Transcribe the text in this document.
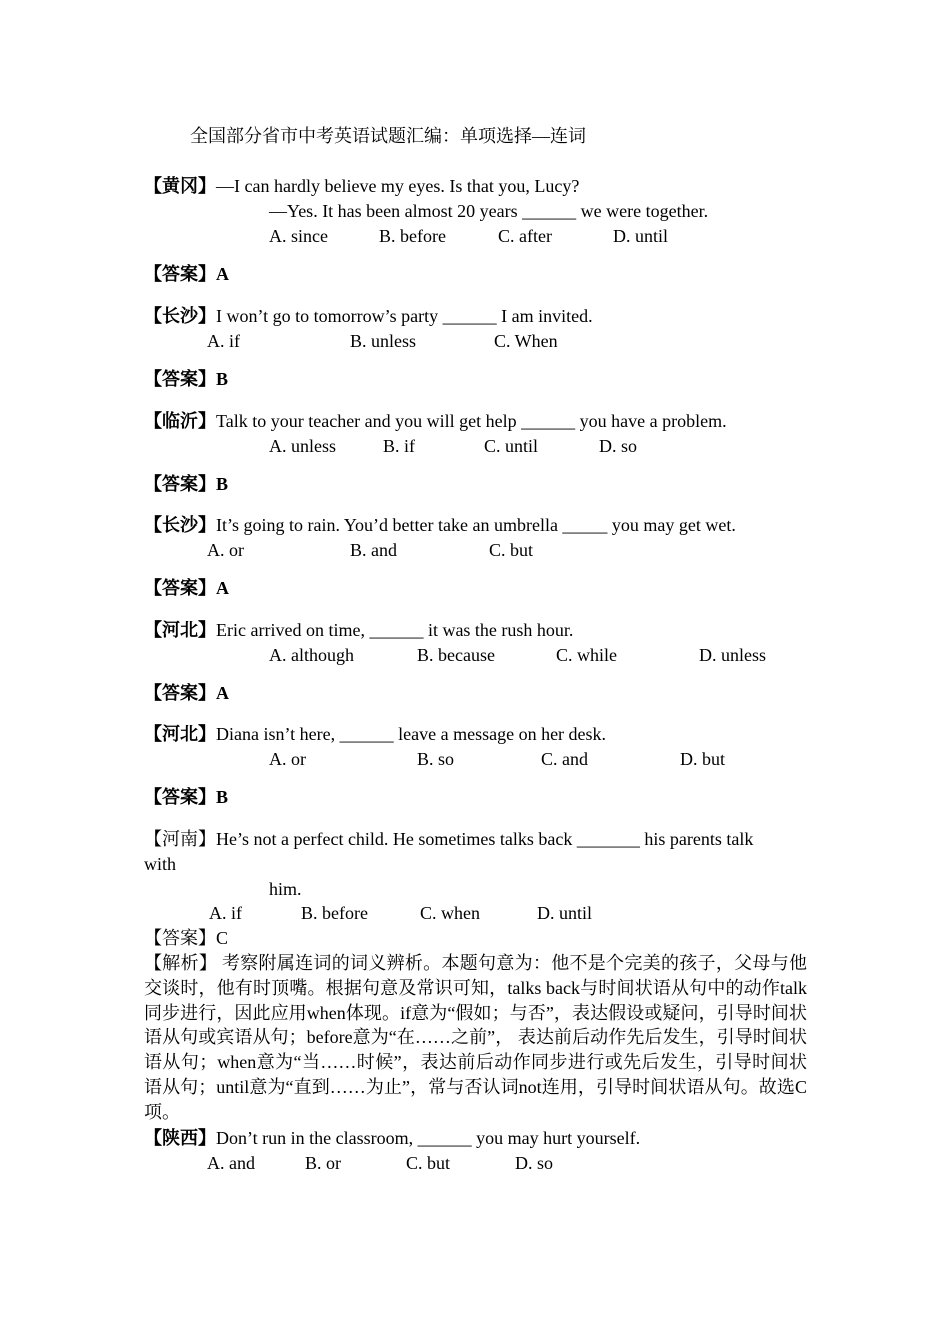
全国部分省市中考英语试题汇编：单项选择—连词
【黄冈】—I can hardly believe my eyes. Is that you, Lucy?
—Yes. It has been almost 20 years ______ we were together.
A. since	B. before	C. after	D. until
【答案】A
【长沙】I won’t go to tomorrow’s party ______ I am invited.
A. if	B. unless	C. When
【答案】B
【临沂】Talk to your teacher and you will get help ______ you have a problem.
A. unless	B. if	C. until	D. so
【答案】B
【长沙】It’s going to rain. You’d better take an umbrella _____ you may get wet.
A. or	B. and	C. but
【答案】A
【河北】Eric arrived on time, ______ it was the rush hour.
A. although	B. because	C. while	D. unless
【答案】A
【河北】Diana isn’t here, ______ leave a message on her desk.
A. or	B. so	C. and	D. but
【答案】B
【河南】He’s not a perfect child. He sometimes talks back _______ his parents talk
with
him.
A. if	B. before	C. when	D. until
【答案】C
【解析】 考察附属连词的词义辨析。本题句意为：他不是个完美的孩子，父母与他交谈时，他有时顶嘴。根据句意及常识可知，talks back与时间状语从句中的动作talk同步进行，因此应用when体现。if意为“假如；与否”，表达假设或疑问，引导时间状语从句或宾语从句；before意为“在……之前”， 表达前后动作先后发生，引导时间状语从句；when意为“当……时候”，表达前后动作同步进行或先后发生，引导时间状语从句；until意为“直到……为止”，常与否认词not连用，引导时间状语从句。故选C项。
【陕西】Don’t run in the classroom, ______ you may hurt yourself.
A. and	B. or	C. but	D. so
